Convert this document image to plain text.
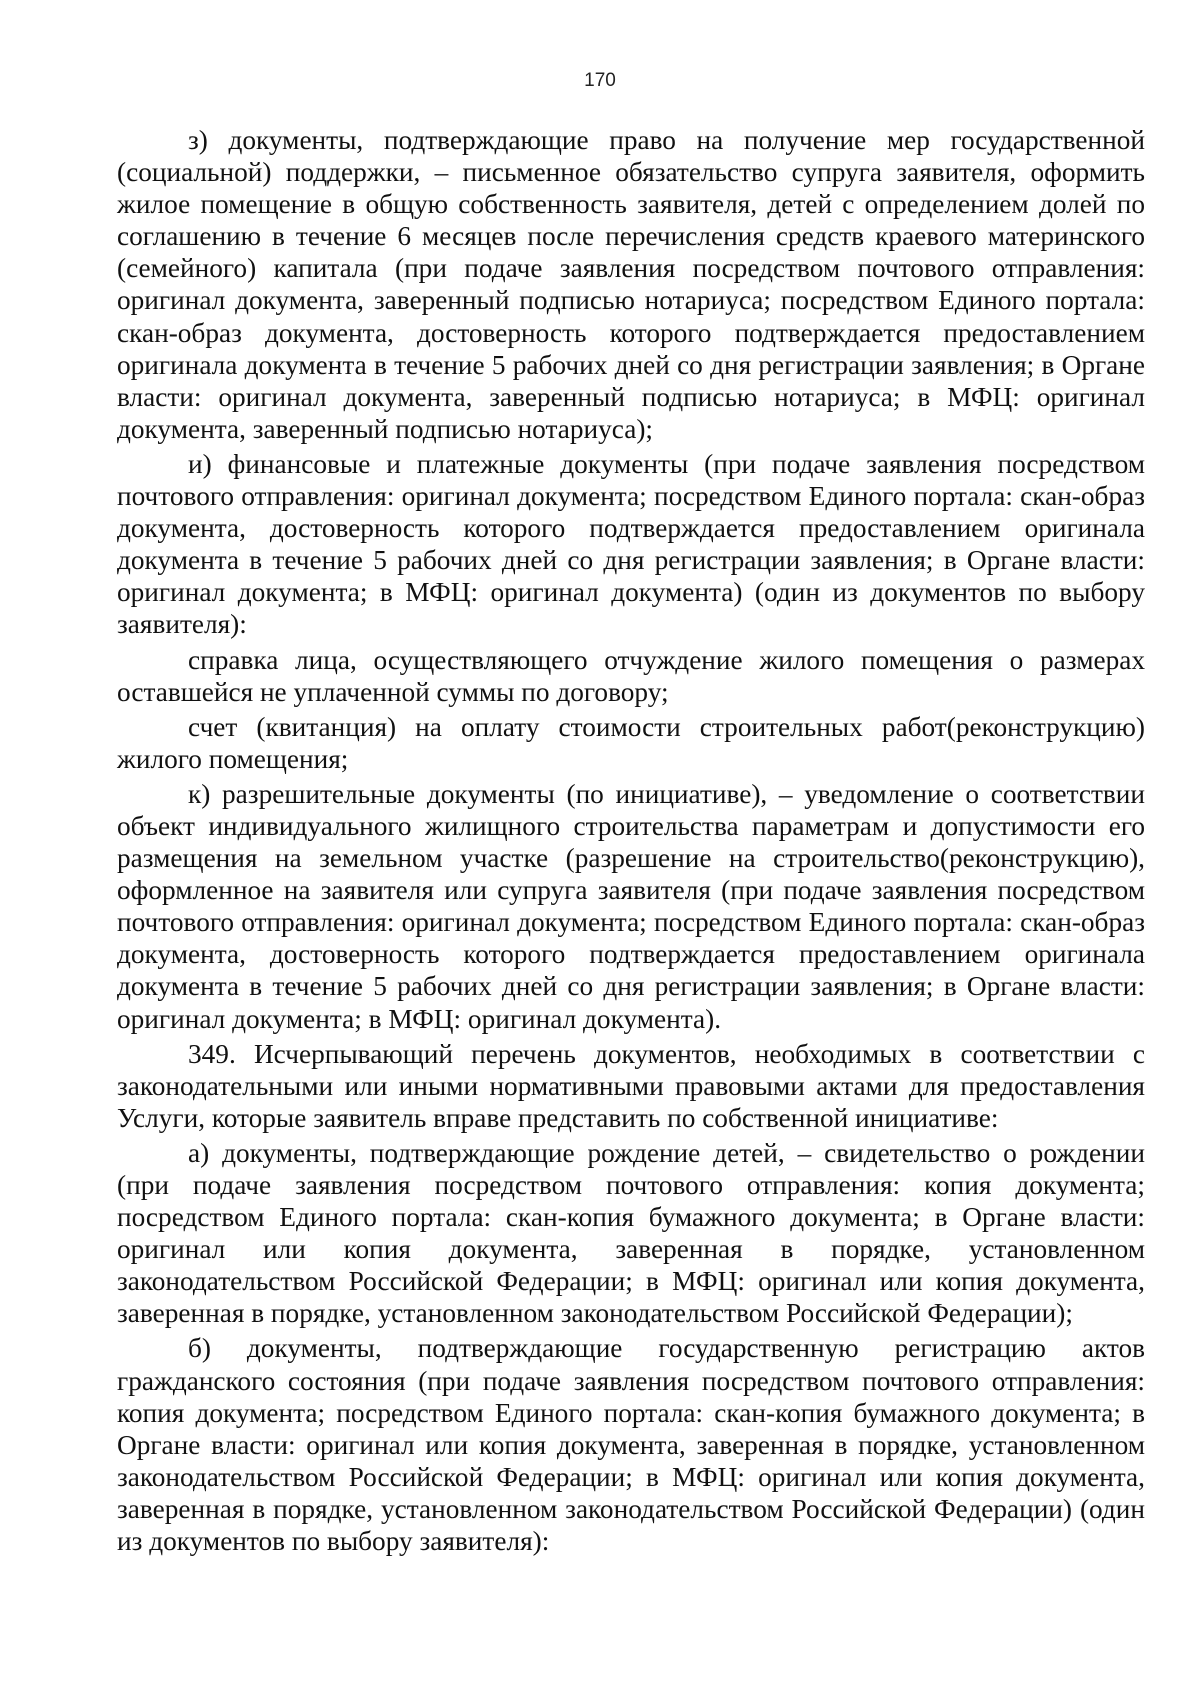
170

з) документы, подтверждающие право на получение мер государственной (социальной) поддержки, – письменное обязательство супруга заявителя, оформить жилое помещение в общую собственность заявителя, детей с определением долей по соглашению в течение 6 месяцев после перечисления средств краевого материнского (семейного) капитала (при подаче заявления посредством почтового отправления: оригинал документа, заверенный подписью нотариуса; посредством Единого портала: скан-образ документа, достоверность которого подтверждается предоставлением оригинала документа в течение 5 рабочих дней со дня регистрации заявления; в Органе власти: оригинал документа, заверенный подписью нотариуса; в МФЦ: оригинал документа, заверенный подписью нотариуса);

и) финансовые и платежные документы (при подаче заявления посредством почтового отправления: оригинал документа; посредством Единого портала: скан-образ документа, достоверность которого подтверждается предоставлением оригинала документа в течение 5 рабочих дней со дня регистрации заявления; в Органе власти: оригинал документа; в МФЦ: оригинал документа) (один из документов по выбору заявителя):

справка лица, осуществляющего отчуждение жилого помещения о размерах оставшейся не уплаченной суммы по договору;

счет (квитанция) на оплату стоимости строительных работ(реконструкцию) жилого помещения;

к) разрешительные документы (по инициативе), – уведомление о соответствии объект индивидуального жилищного строительства параметрам и допустимости его размещения на земельном участке (разрешение на строительство(реконструкцию), оформленное на заявителя или супруга заявителя (при подаче заявления посредством почтового отправления: оригинал документа; посредством Единого портала: скан-образ документа, достоверность которого подтверждается предоставлением оригинала документа в течение 5 рабочих дней со дня регистрации заявления; в Органе власти: оригинал документа; в МФЦ: оригинал документа).

349. Исчерпывающий перечень документов, необходимых в соответствии с законодательными или иными нормативными правовыми актами для предоставления Услуги, которые заявитель вправе представить по собственной инициативе:

а) документы, подтверждающие рождение детей, – свидетельство о рождении (при подаче заявления посредством почтового отправления: копия документа; посредством Единого портала: скан-копия бумажного документа; в Органе власти: оригинал или копия документа, заверенная в порядке, установленном законодательством Российской Федерации; в МФЦ: оригинал или копия документа, заверенная в порядке, установленном законодательством Российской Федерации);

б) документы, подтверждающие государственную регистрацию актов гражданского состояния (при подаче заявления посредством почтового отправления: копия документа; посредством Единого портала: скан-копия бумажного документа; в Органе власти: оригинал или копия документа, заверенная в порядке, установленном законодательством Российской Федерации; в МФЦ: оригинал или копия документа, заверенная в порядке, установленном законодательством Российской Федерации) (один из документов по выбору заявителя):
